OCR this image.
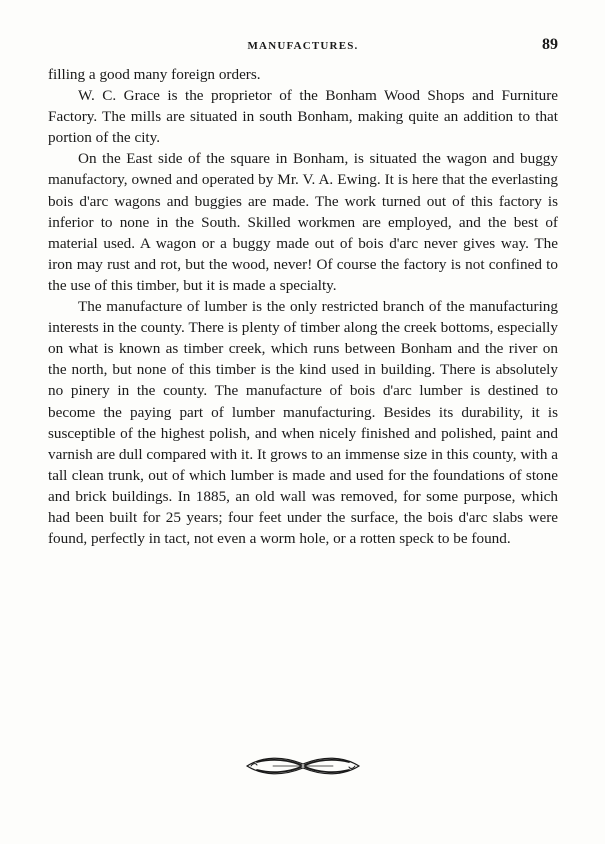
MANUFACTURES.	89

filling a good many foreign orders.

W. C. Grace is the proprietor of the Bonham Wood Shops and Furniture Factory. The mills are situated in south Bonham, making quite an addition to that portion of the city.

On the East side of the square in Bonham, is situated the wagon and buggy manufactory, owned and operated by Mr. V. A. Ewing. It is here that the everlasting bois d'arc wagons and buggies are made. The work turned out of this factory is inferior to none in the South. Skilled workmen are employed, and the best of material used. A wagon or a buggy made out of bois d'arc never gives way. The iron may rust and rot, but the wood, never! Of course the factory is not confined to the use of this timber, but it is made a specialty.

The manufacture of lumber is the only restricted branch of the manufacturing interests in the county. There is plenty of timber along the creek bottoms, especially on what is known as timber creek, which runs between Bonham and the river on the north, but none of this timber is the kind used in building. There is absolutely no pinery in the county. The manufacture of bois d'arc lumber is destined to become the paying part of lumber manufacturing. Besides its durability, it is susceptible of the highest polish, and when nicely finished and polished, paint and varnish are dull compared with it. It grows to an immense size in this county, with a tall clean trunk, out of which lumber is made and used for the foundations of stone and brick buildings. In 1885, an old wall was removed, for some purpose, which had been built for 25 years; four feet under the surface, the bois d'arc slabs were found, perfectly in tact, not even a worm hole, or a rotten speck to be found.
